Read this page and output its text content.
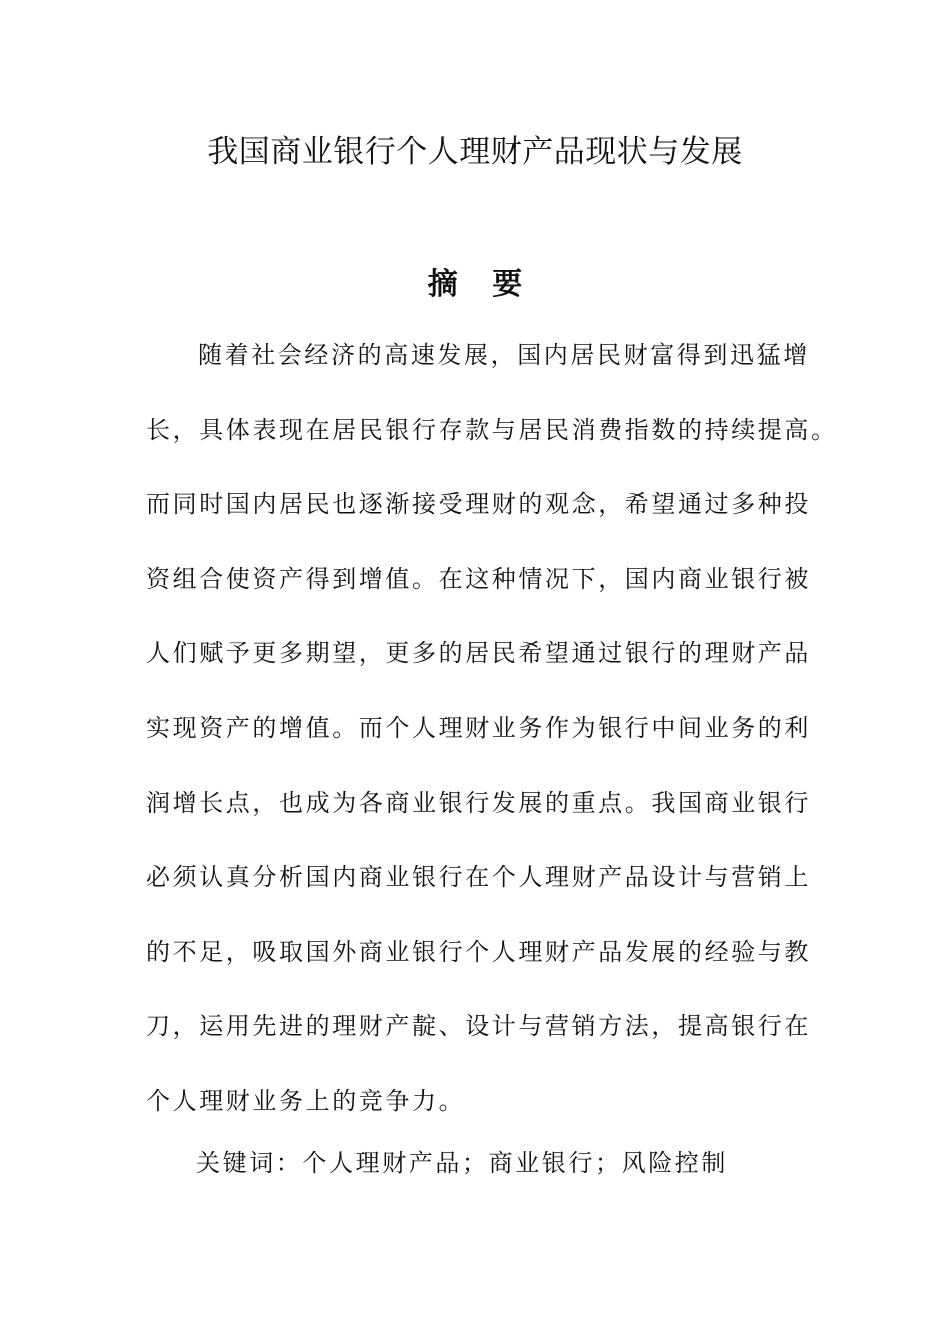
我国商业银行个人理财产品现状与发展
摘 要
随着社会经济的高速发展，国内居民财富得到迅猛增
长，具体表现在居民银行存款与居民消费指数的持续提高。
而同时国内居民也逐渐接受理财的观念，希望通过多种投
资组合使资产得到增值。在这种情况下，国内商业银行被
人们赋予更多期望，更多的居民希望通过银行的理财产品
实现资产的增值。而个人理财业务作为银行中间业务的利
润增长点，也成为各商业银行发展的重点。我国商业银行
必须认真分析国内商业银行在个人理财产品设计与营销上
的不足，吸取国外商业银行个人理财产品发展的经验与教
刀，运用先进的理财产靛、设计与营销方法，提高银行在
个人理财业务上的竞争力。

关键词：个人理财产品；商业银行；风险控制
